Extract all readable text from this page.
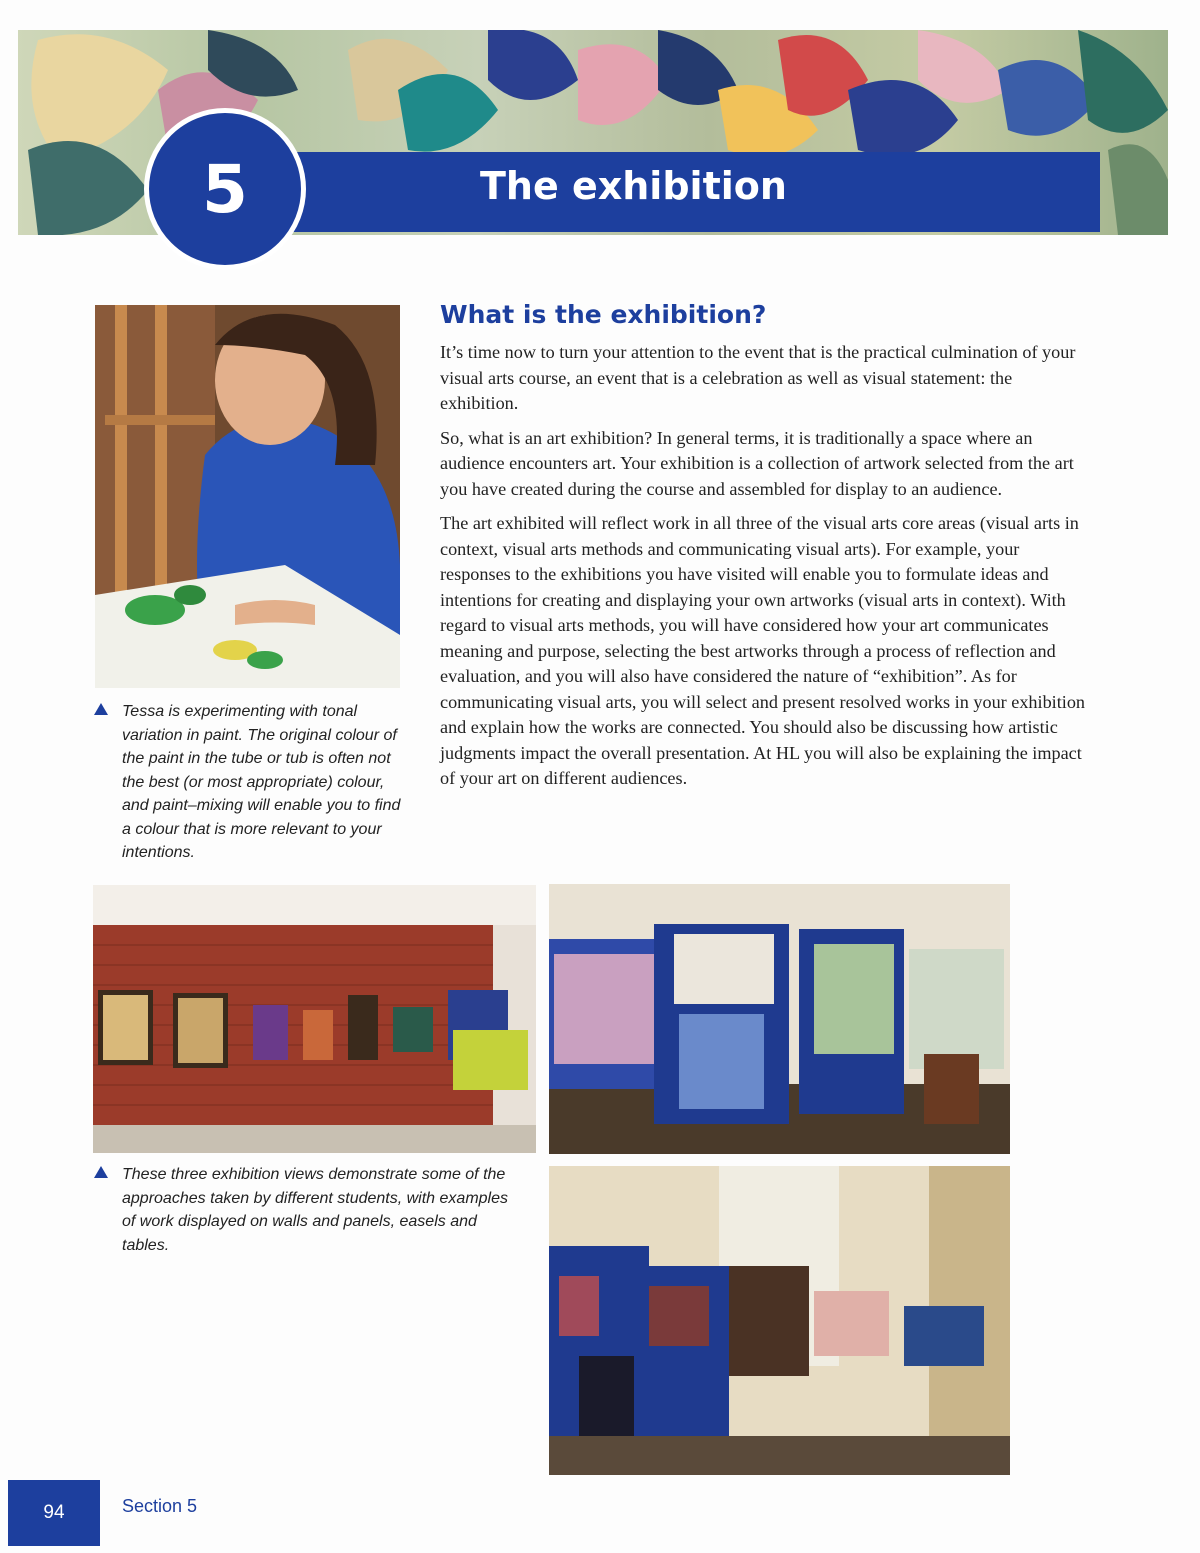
The exhibition
5
Tessa is experimenting with tonal variation in paint. The original colour of the paint in the tube or tub is often not the best (or most appropriate) colour, and paint–mixing will enable you to find a colour that is more relevant to your intentions.
What is the exhibition?

It’s time now to turn your attention to the event that is the practical culmination of your visual arts course, an event that is a celebration as well as visual statement: the exhibition.

So, what is an art exhibition? In general terms, it is traditionally a space where an audience encounters art. Your exhibition is a collection of artwork selected from the art you have created during the course and assembled for display to an audience.

The art exhibited will reflect work in all three of the visual arts core areas (visual arts in context, visual arts methods and communicating visual arts). For example, your responses to the exhibitions you have visited will enable you to formulate ideas and intentions for creating and displaying your own artworks (visual arts in context). With regard to visual arts methods, you will have considered how your art communicates meaning and purpose, selecting the best artworks through a process of reflection and evaluation, and you will also have considered the nature of “exhibition”. As for communicating visual arts, you will select and present resolved works in your exhibition and explain how the works are connected. You should also be discussing how artistic judgments impact the overall presentation. At HL you will also be explaining the impact of your art on different audiences.

These three exhibition views demonstrate some of the approaches taken by different students, with examples of work displayed on walls and panels, easels and tables.
94	Section 5
